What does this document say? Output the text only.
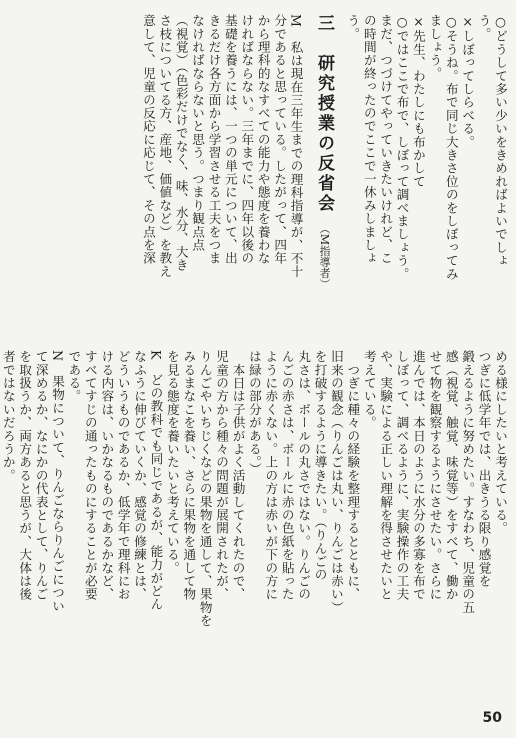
○どうして多い少いをきめればよいでしょ

う。

×しぼってしらべる。

○そうね。布で同じ大きさ位のをしぼってみ

ましょう。

×先生、わたしにも布かして

○ではここで布で、しぼって調べましょう。

まだ、つづけてやっていきたいけれど、こ

の時間が終ったのでここで一休みしましょ

う。

三　研究授業の反省会 （M指導者）

M　私は現在三年生までの理科指導が、不十

分であると思っている。したがって、四年

から理科的なすべての能力や態度を養わな

ければならない。三年までに、四年以後の

基礎を養うには、一つの単元について、出

きるだけ各方面から学習させる工夫をつま

なければならないと思う。つまり観点点

（視覚）（色彩だけでなく、味、水分、大き

さ枝についてる方、産地、価値など）を教え

意して、児童の反応に応じて、その点を深

める様にしたいと考えている。

つぎに低学年では、出きうる限り感覚を

鍛えるように努めたい。すなわち、児童の五

感（視覚、触覚、味覚等）をすべて、働か

せて物を観察するようにさせたい。さらに

進んでは、本日のように水分の多寡を布で

しぼって、調べるように、実験操作の工夫

や、実験による正しい理解を得させたいと

考えている。

　つぎに種々の経験を整理するとともに、

旧来の観念（りんごは丸い、りんごは赤い）

を打破するように導きたい。（りんごの

丸さは、ボールの丸さではない。りんごの

んごの赤さは、ボールに赤の色紙を貼った

ように赤くない。上の方は赤いが下の方に

は緑の部分がある。）

　本日は子供がよく活動してくれたので、

児童の方から種々の問題が展開されたが、

りんごやいちじくなどの果物を通して、果物を

みるまなこを養い、さらに果物を通して物

を見る態度を養いたいと考えている。

K　どの教科でも同じであるが、能力がどん

なふうに伸びていくか、感覚の修練とは、

どういうものであるか、低学年で理科にお

ける内容は、いかなるものであるかなど、

すべてすじの通ったものにすることが必要

である。

N　果物について、りんごならりんごについ

て深めるか、なにかの代表として、りんご

を取扱うか、両方あると思うが、大体は後

者ではないだろうか。

50
